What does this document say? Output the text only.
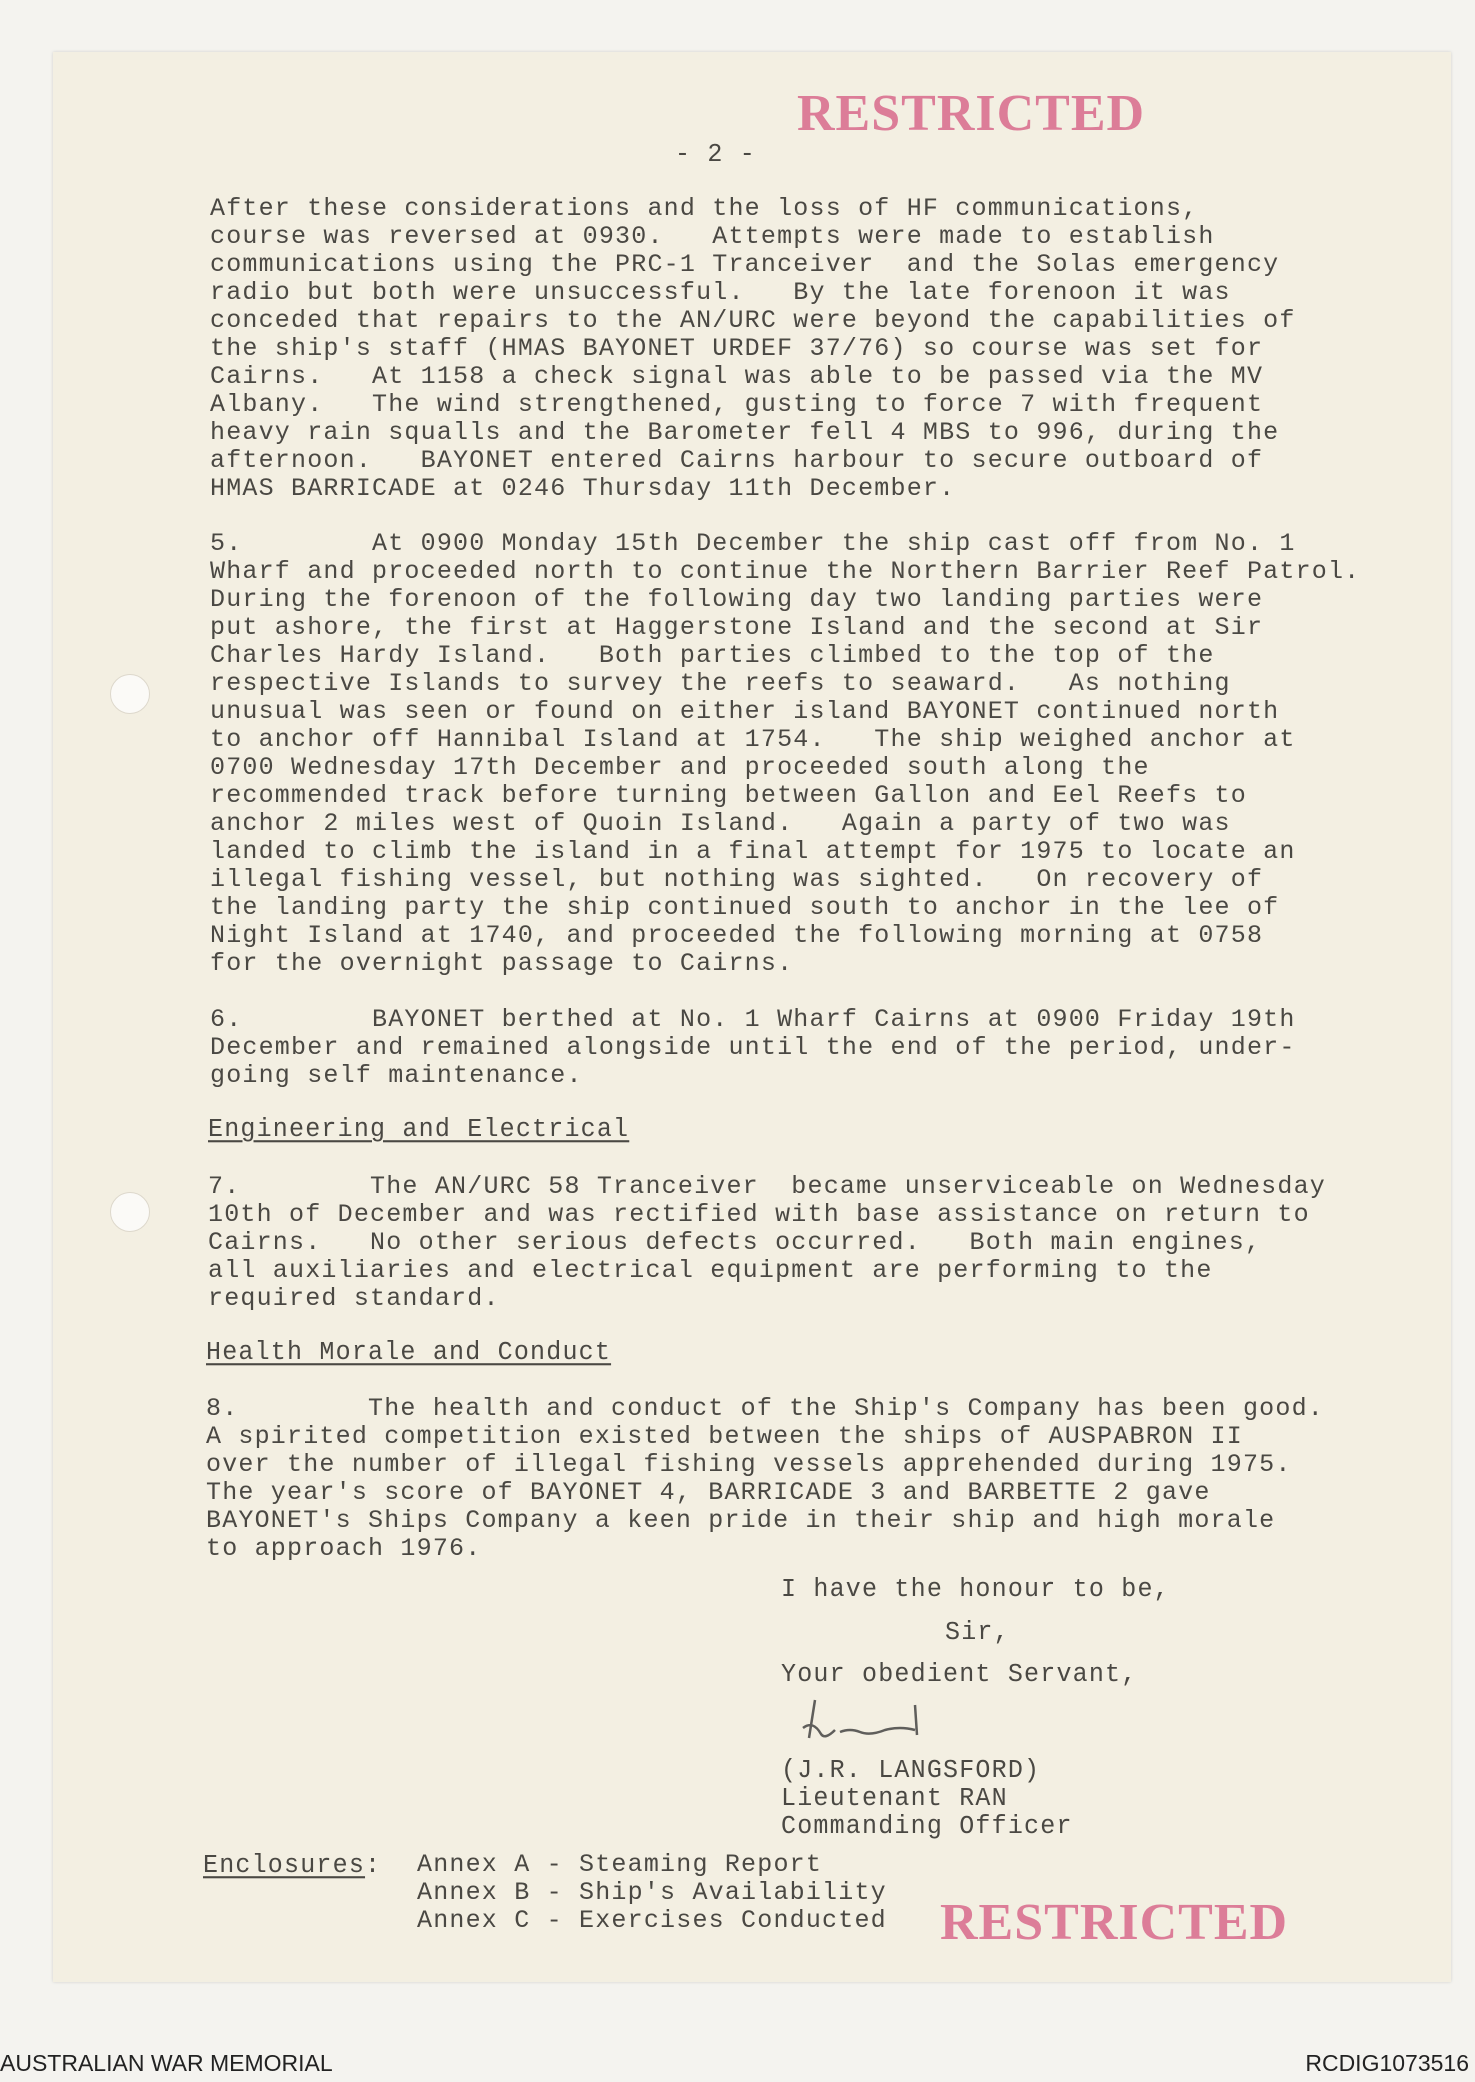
RESTRICTED
- 2 -
After these considerations and the loss of HF communications,
course was reversed at 0930.   Attempts were made to establish
communications using the PRC-1 Tranceiver  and the Solas emergency
radio but both were unsuccessful.   By the late forenoon it was
conceded that repairs to the AN/URC were beyond the capabilities of
the ship's staff (HMAS BAYONET URDEF 37/76) so course was set for
Cairns.   At 1158 a check signal was able to be passed via the MV
Albany.   The wind strengthened, gusting to force 7 with frequent
heavy rain squalls and the Barometer fell 4 MBS to 996, during the
afternoon.   BAYONET entered Cairns harbour to secure outboard of
HMAS BARRICADE at 0246 Thursday 11th December.
5.        At 0900 Monday 15th December the ship cast off from No. 1
Wharf and proceeded north to continue the Northern Barrier Reef Patrol.
During the forenoon of the following day two landing parties were
put ashore, the first at Haggerstone Island and the second at Sir
Charles Hardy Island.   Both parties climbed to the top of the
respective Islands to survey the reefs to seaward.   As nothing
unusual was seen or found on either island BAYONET continued north
to anchor off Hannibal Island at 1754.   The ship weighed anchor at
0700 Wednesday 17th December and proceeded south along the
recommended track before turning between Gallon and Eel Reefs to
anchor 2 miles west of Quoin Island.   Again a party of two was
landed to climb the island in a final attempt for 1975 to locate an
illegal fishing vessel, but nothing was sighted.   On recovery of
the landing party the ship continued south to anchor in the lee of
Night Island at 1740, and proceeded the following morning at 0758
for the overnight passage to Cairns.
6.        BAYONET berthed at No. 1 Wharf Cairns at 0900 Friday 19th
December and remained alongside until the end of the period, under-
going self maintenance.
Engineering and Electrical
7.        The AN/URC 58 Tranceiver  became unserviceable on Wednesday
10th of December and was rectified with base assistance on return to
Cairns.   No other serious defects occurred.   Both main engines,
all auxiliaries and electrical equipment are performing to the
required standard.
Health Morale and Conduct
8.        The health and conduct of the Ship's Company has been good.
A spirited competition existed between the ships of AUSPABRON II
over the number of illegal fishing vessels apprehended during 1975.
The year's score of BAYONET 4, BARRICADE 3 and BARBETTE 2 gave
BAYONET's Ships Company a keen pride in their ship and high morale
to approach 1976.
I have the honour to be,
Sir,
Your obedient Servant,
(J.R. LANGSFORD)
Lieutenant RAN
Commanding Officer
Enclosures: Annex A - Steaming Report
Annex B - Ship's Availability
Annex C - Exercises Conducted RESTRICTED
AUSTRALIAN WAR MEMORIAL	RCDIG1073516
